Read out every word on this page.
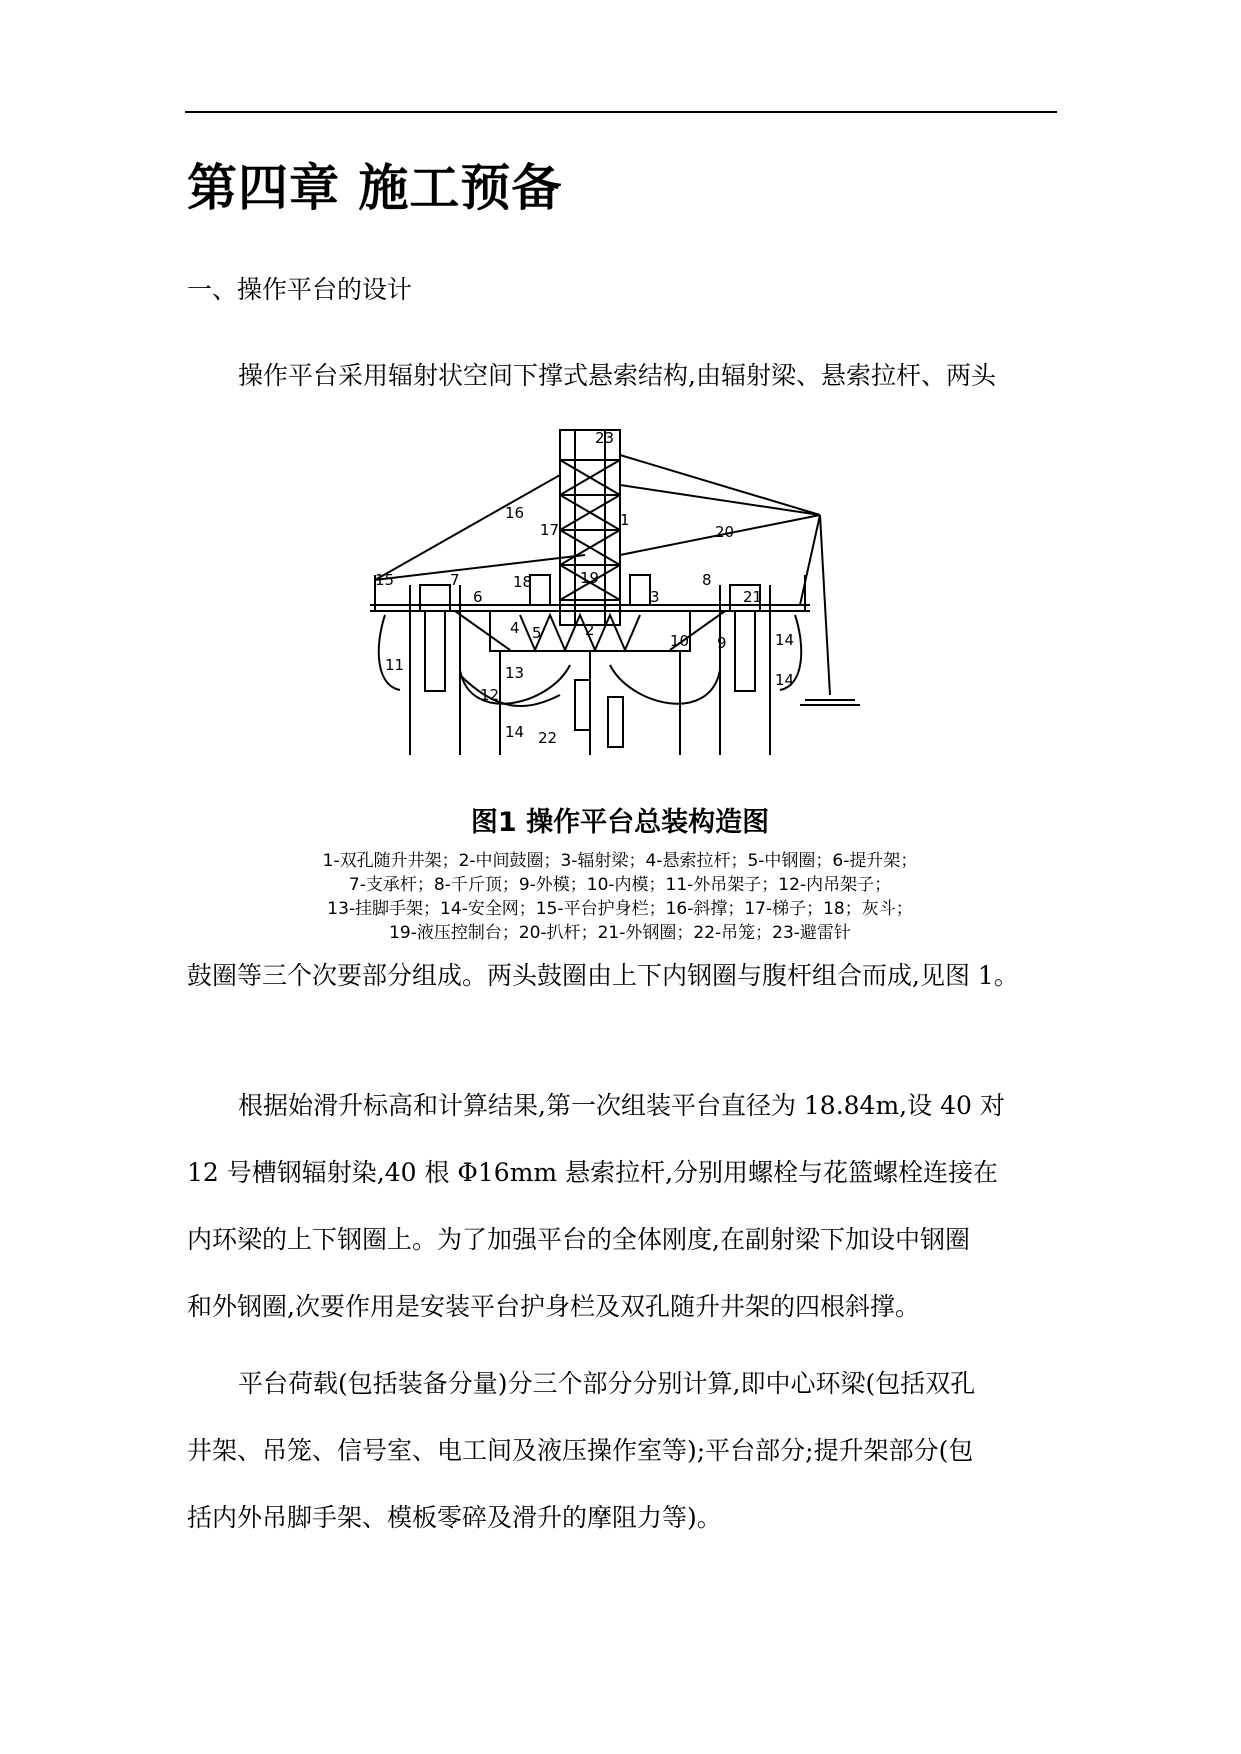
第四章 施工预备
一、操作平台的设计
操作平台采用辐射状空间下撑式悬索结构,由辐射梁、悬索拉杆、两头
23
16
17
1
20
15	7	18	19	8
21
6	3
4 5	2
10 9	14
11	13
12
14
14 22
图1 操作平台总装构造图
1-双孔随升井架；2-中间鼓圈；3-辐射梁；4-悬索拉杆；5-中钢圈；6-提升架；
7-支承杆；8-千斤顶；9-外模；10-内模；11-外吊架子；12-内吊架子；
13-挂脚手架；14-安全网；15-平台护身栏；16-斜撑；17-梯子；18；灰斗；
19-液压控制台；20-扒杆；21-外钢圈；22-吊笼；23-避雷针
鼓圈等三个次要部分组成。两头鼓圈由上下内钢圈与腹杆组合而成,见图 1。
根据始滑升标高和计算结果,第一次组装平台直径为 18.84m,设 40 对
12 号槽钢辐射染,40 根 Φ16mm 悬索拉杆,分别用螺栓与花篮螺栓连接在
内环梁的上下钢圈上。为了加强平台的全体刚度,在副射梁下加设中钢圈
和外钢圈,次要作用是安装平台护身栏及双孔随升井架的四根斜撑。
平台荷载(包括装备分量)分三个部分分别计算,即中心环梁(包括双孔
井架、吊笼、信号室、电工间及液压操作室等);平台部分;提升架部分(包
括内外吊脚手架、模板零碎及滑升的摩阻力等)。
